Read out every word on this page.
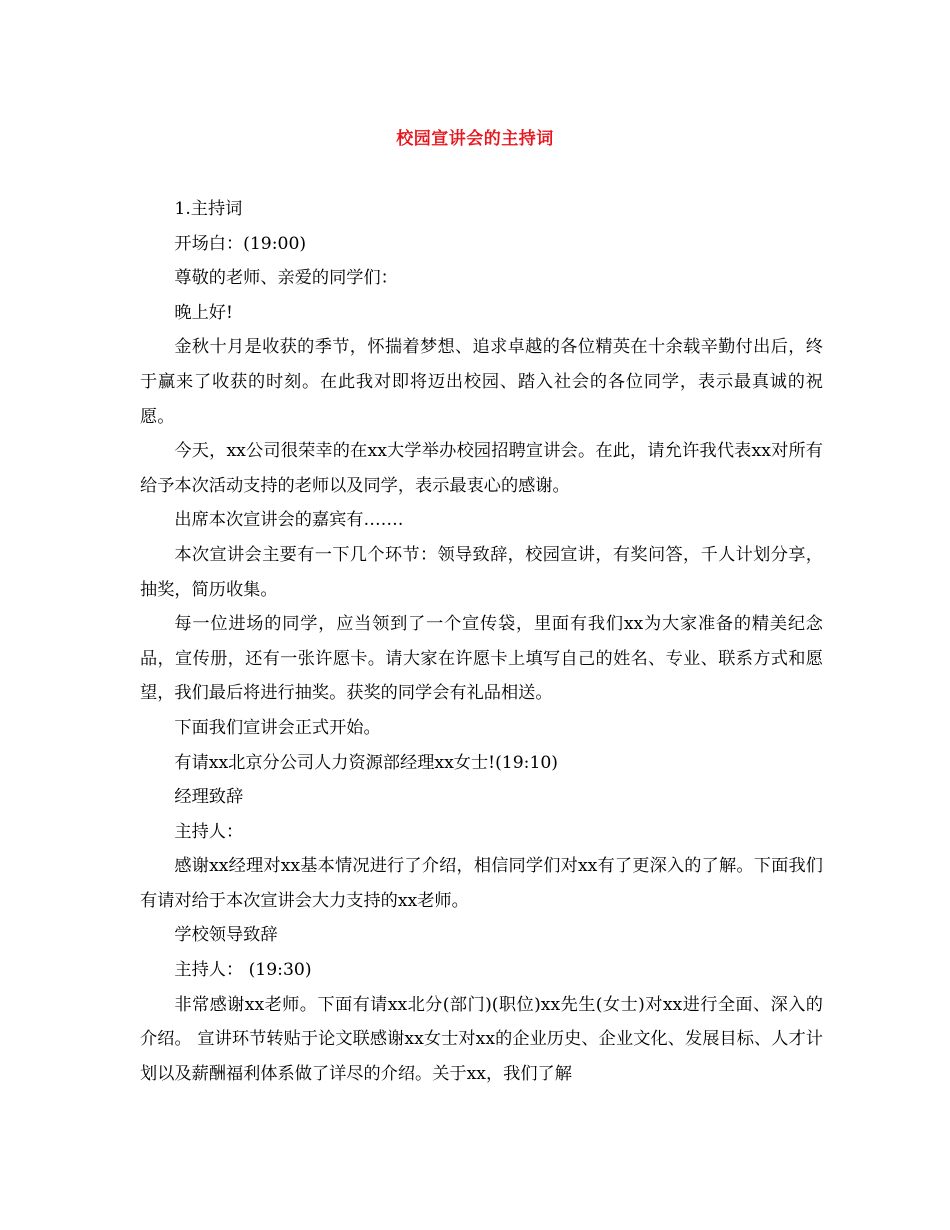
校园宣讲会的主持词

1.主持词

开场白：(19:00)

尊敬的老师、亲爱的同学们：

晚上好!

金秋十月是收获的季节，怀揣着梦想、追求卓越的各位精英在十余载辛勤付出后，终于赢来了收获的时刻。在此我对即将迈出校园、踏入社会的各位同学，表示最真诚的祝愿。

今天，xx公司很荣幸的在xx大学举办校园招聘宣讲会。在此，请允许我代表xx对所有给予本次活动支持的老师以及同学，表示最衷心的感谢。

出席本次宣讲会的嘉宾有…….

本次宣讲会主要有一下几个环节：领导致辞，校园宣讲，有奖问答，千人计划分享，抽奖，简历收集。

每一位进场的同学，应当领到了一个宣传袋，里面有我们xx为大家准备的精美纪念品，宣传册，还有一张许愿卡。请大家在许愿卡上填写自己的姓名、专业、联系方式和愿望，我们最后将进行抽奖。获奖的同学会有礼品相送。

下面我们宣讲会正式开始。

有请xx北京分公司人力资源部经理xx女士!(19:10)

经理致辞

主持人：

感谢xx经理对xx基本情况进行了介绍，相信同学们对xx有了更深入的了解。下面我们有请对给于本次宣讲会大力支持的xx老师。

学校领导致辞

主持人： (19:30)

非常感谢xx老师。下面有请xx北分(部门)(职位)xx先生(女士)对xx进行全面、深入的介绍。 宣讲环节转贴于论文联感谢xx女士对xx的企业历史、企业文化、发展目标、人才计划以及薪酬福利体系做了详尽的介绍。关于xx，我们了解
